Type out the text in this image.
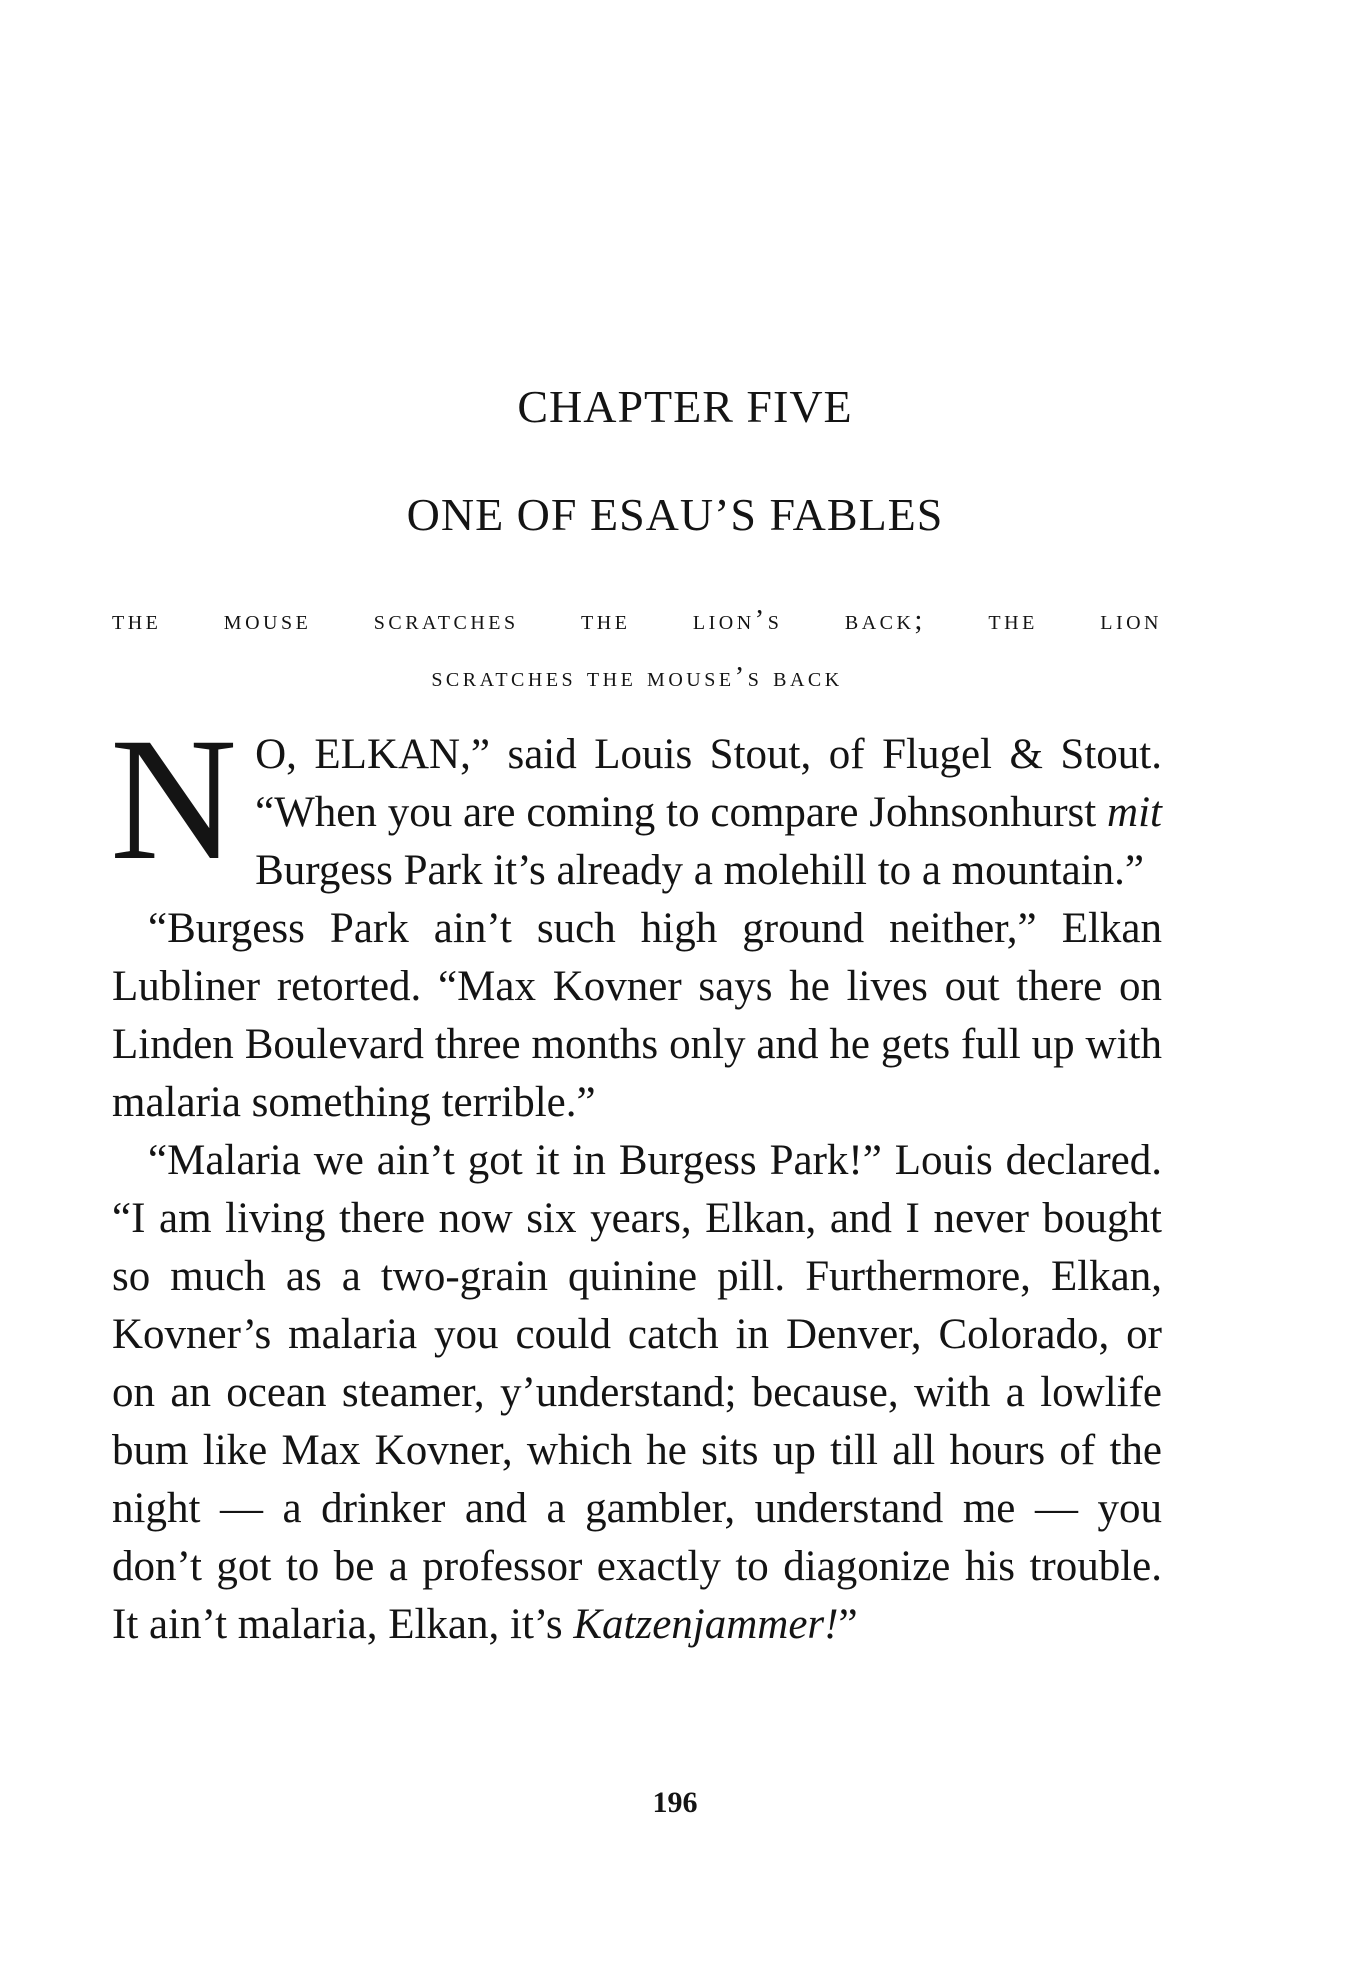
CHAPTER FIVE
ONE OF ESAU’S FABLES
the mouse scratches the lion’s back; the lion
scratches the mouse’s back

N O, ELKAN,” said Louis Stout, of Flugel & Stout. “When you are coming to compare Johnsonhurst mit Burgess Park it’s already a molehill to a mountain.”

“Burgess Park ain’t such high ground neither,” Elkan Lubliner retorted. “Max Kovner says he lives out there on Linden Boulevard three months only and he gets full up with malaria something terrible.”

“Malaria we ain’t got it in Burgess Park!” Louis declared. “I am living there now six years, Elkan, and I never bought so much as a two-grain quinine pill. Furthermore, Elkan, Kovner’s malaria you could catch in Denver, Colorado, or on an ocean steamer, y’understand; because, with a lowlife bum like Max Kovner, which he sits up till all hours of the night — a drinker and a gambler, understand me — you don’t got to be a professor exactly to diagonize his trouble. It ain’t malaria, Elkan, it’s Katzenjammer!”

196
